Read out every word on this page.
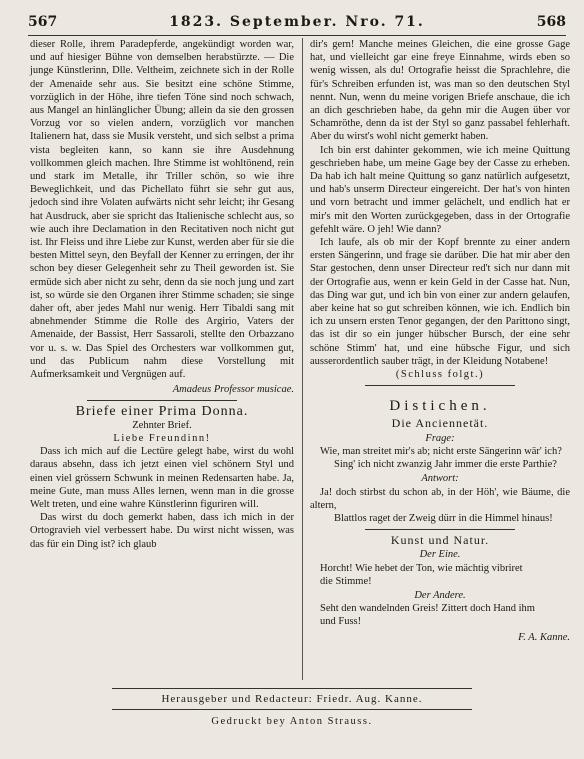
567	1823. September. Nro. 71.	568

dieser Rolle, ihrem Paradepferde, angekündigt worden war, und auf hiesiger Bühne von demselben herabstürzte. — Die junge Künstlerinn, Dlle. Veltheim, zeichnete sich in der Rolle der Amenaide sehr aus. Sie besitzt eine schöne Stimme, vorzüglich in der Höhe, ihre tiefen Töne sind noch schwach, aus Mangel an hinlänglicher Übung; allein da sie den grossen Vorzug vor so vielen andern, vorzüglich vor manchen Italienern hat, dass sie Musik versteht, und sich selbst a prima vista begleiten kann, so kann sie ihre Ausdehnung vollkommen gleich machen. Ihre Stimme ist wohltönend, rein und stark im Metalle, ihr Triller schön, so wie ihre Beweglichkeit, und das Pichellato führt sie sehr gut aus, jedoch sind ihre Volaten aufwärts nicht sehr leicht; ihr Gesang hat Ausdruck, aber sie spricht das Italienische schlecht aus, so wie auch ihre Declamation in den Recitativen noch nicht gut ist. Ihr Fleiss und ihre Liebe zur Kunst, werden aber für sie die besten Mittel seyn, den Beyfall der Kenner zu erringen, der ihr schon bey dieser Gelegenheit sehr zu Theil geworden ist. Sie ermüde sich aber nicht zu sehr, denn da sie noch jung und zart ist, so würde sie den Organen ihrer Stimme schaden; sie singe daher oft, aber jedes Mahl nur wenig. Herr Tibaldi sang mit abnehmender Stimme die Rolle des Argirio, Vaters der Amenaide, der Bassist, Herr Sassaroli, stellte den Orbazzano vor u. s. w. Das Spiel des Orchesters war vollkommen gut, und das Publicum nahm diese Vorstellung mit Aufmerksamkeit und Vergnügen auf.

Amadeus Professor musicae.
Briefe einer Prima Donna.
Zehnter Brief.
Liebe Freundinn!

Dass ich mich auf die Lectüre gelegt habe, wirst du wohl daraus absehn, dass ich jetzt einen viel schönern Styl und einen viel grössern Schwunk in meinen Redensarten habe. Ja, meine Gute, man muss Alles lernen, wenn man in die grosse Welt treten, und eine wahre Künstlerinn figuriren will.

Das wirst du doch gemerkt haben, dass ich mich in der Ortogravieh viel verbessert habe. Du wirst nicht wissen, was das für ein Ding ist? ich glaub

dir's gern! Manche meines Gleichen, die eine grosse Gage hat, und vielleicht gar eine freye Einnahme, wirds eben so wenig wissen, als du! Ortografie heisst die Sprachlehre, die für's Schreiben erfunden ist, was man so den deutschen Styl nennt. Nun, wenn du meine vorigen Briefe anschaue, die ich an dich geschrieben habe, da gehn mir die Augen über vor Schamröthe, denn da ist der Styl so ganz passabel fehlerhaft. Aber du wirst's wohl nicht gemerkt haben.

Ich bin erst dahinter gekommen, wie ich meine Quittung geschrieben habe, um meine Gage bey der Casse zu erheben. Da hab ich halt meine Quittung so ganz natürlich aufgesetzt, und hab's unserm Directeur eingereicht. Der hat's von hinten und vorn betracht und immer gelächelt, und endlich hat er mir's mit den Worten zurückgegeben, dass in der Ortografie gefehlt wäre. O jeh! Wie dann?

Ich laufe, als ob mir der Kopf brennte zu einer andern ersten Sängerinn, und frage sie darüber. Die hat mir aber den Star gestochen, denn unser Directeur red't sich nur dann mit der Ortografie aus, wenn er kein Geld in der Casse hat. Nun, das Ding war gut, und ich bin von einer zur andern gelaufen, aber keine hat so gut schreiben können, wie ich. Endlich bin ich zu unsern ersten Tenor gegangen, der den Parittono singt, das ist dir so ein junger hübscher Bursch, der eine sehr schöne Stimm' hat, und eine hübsche Figur, und sich ausserordentlich sauber trägt, in der Kleidung Notabene!

(Schluss folgt.)
Distichen.
Die Anciennetät.
Frage:

Wie, man streitet mir's ab; nicht erste Sängerinn wär' ich?

Sing' ich nicht zwanzig Jahr immer die erste Parthie?

Antwort:

Ja! doch stirbst du schon ab, in der Höh', wie Bäume, die altern,

Blattlos raget der Zweig dürr in die Himmel hinaus!

Kunst und Natur.
Der Eine.

Horcht! Wie hebet der Ton, wie mächtig vibriret

die Stimme!

Der Andere.

Seht den wandelnden Greis! Zittert doch Hand ihm

und Fuss!

F. A. Kanne.
Herausgeber und Redacteur: Friedr. Aug. Kanne.
Gedruckt bey Anton Strauss.
